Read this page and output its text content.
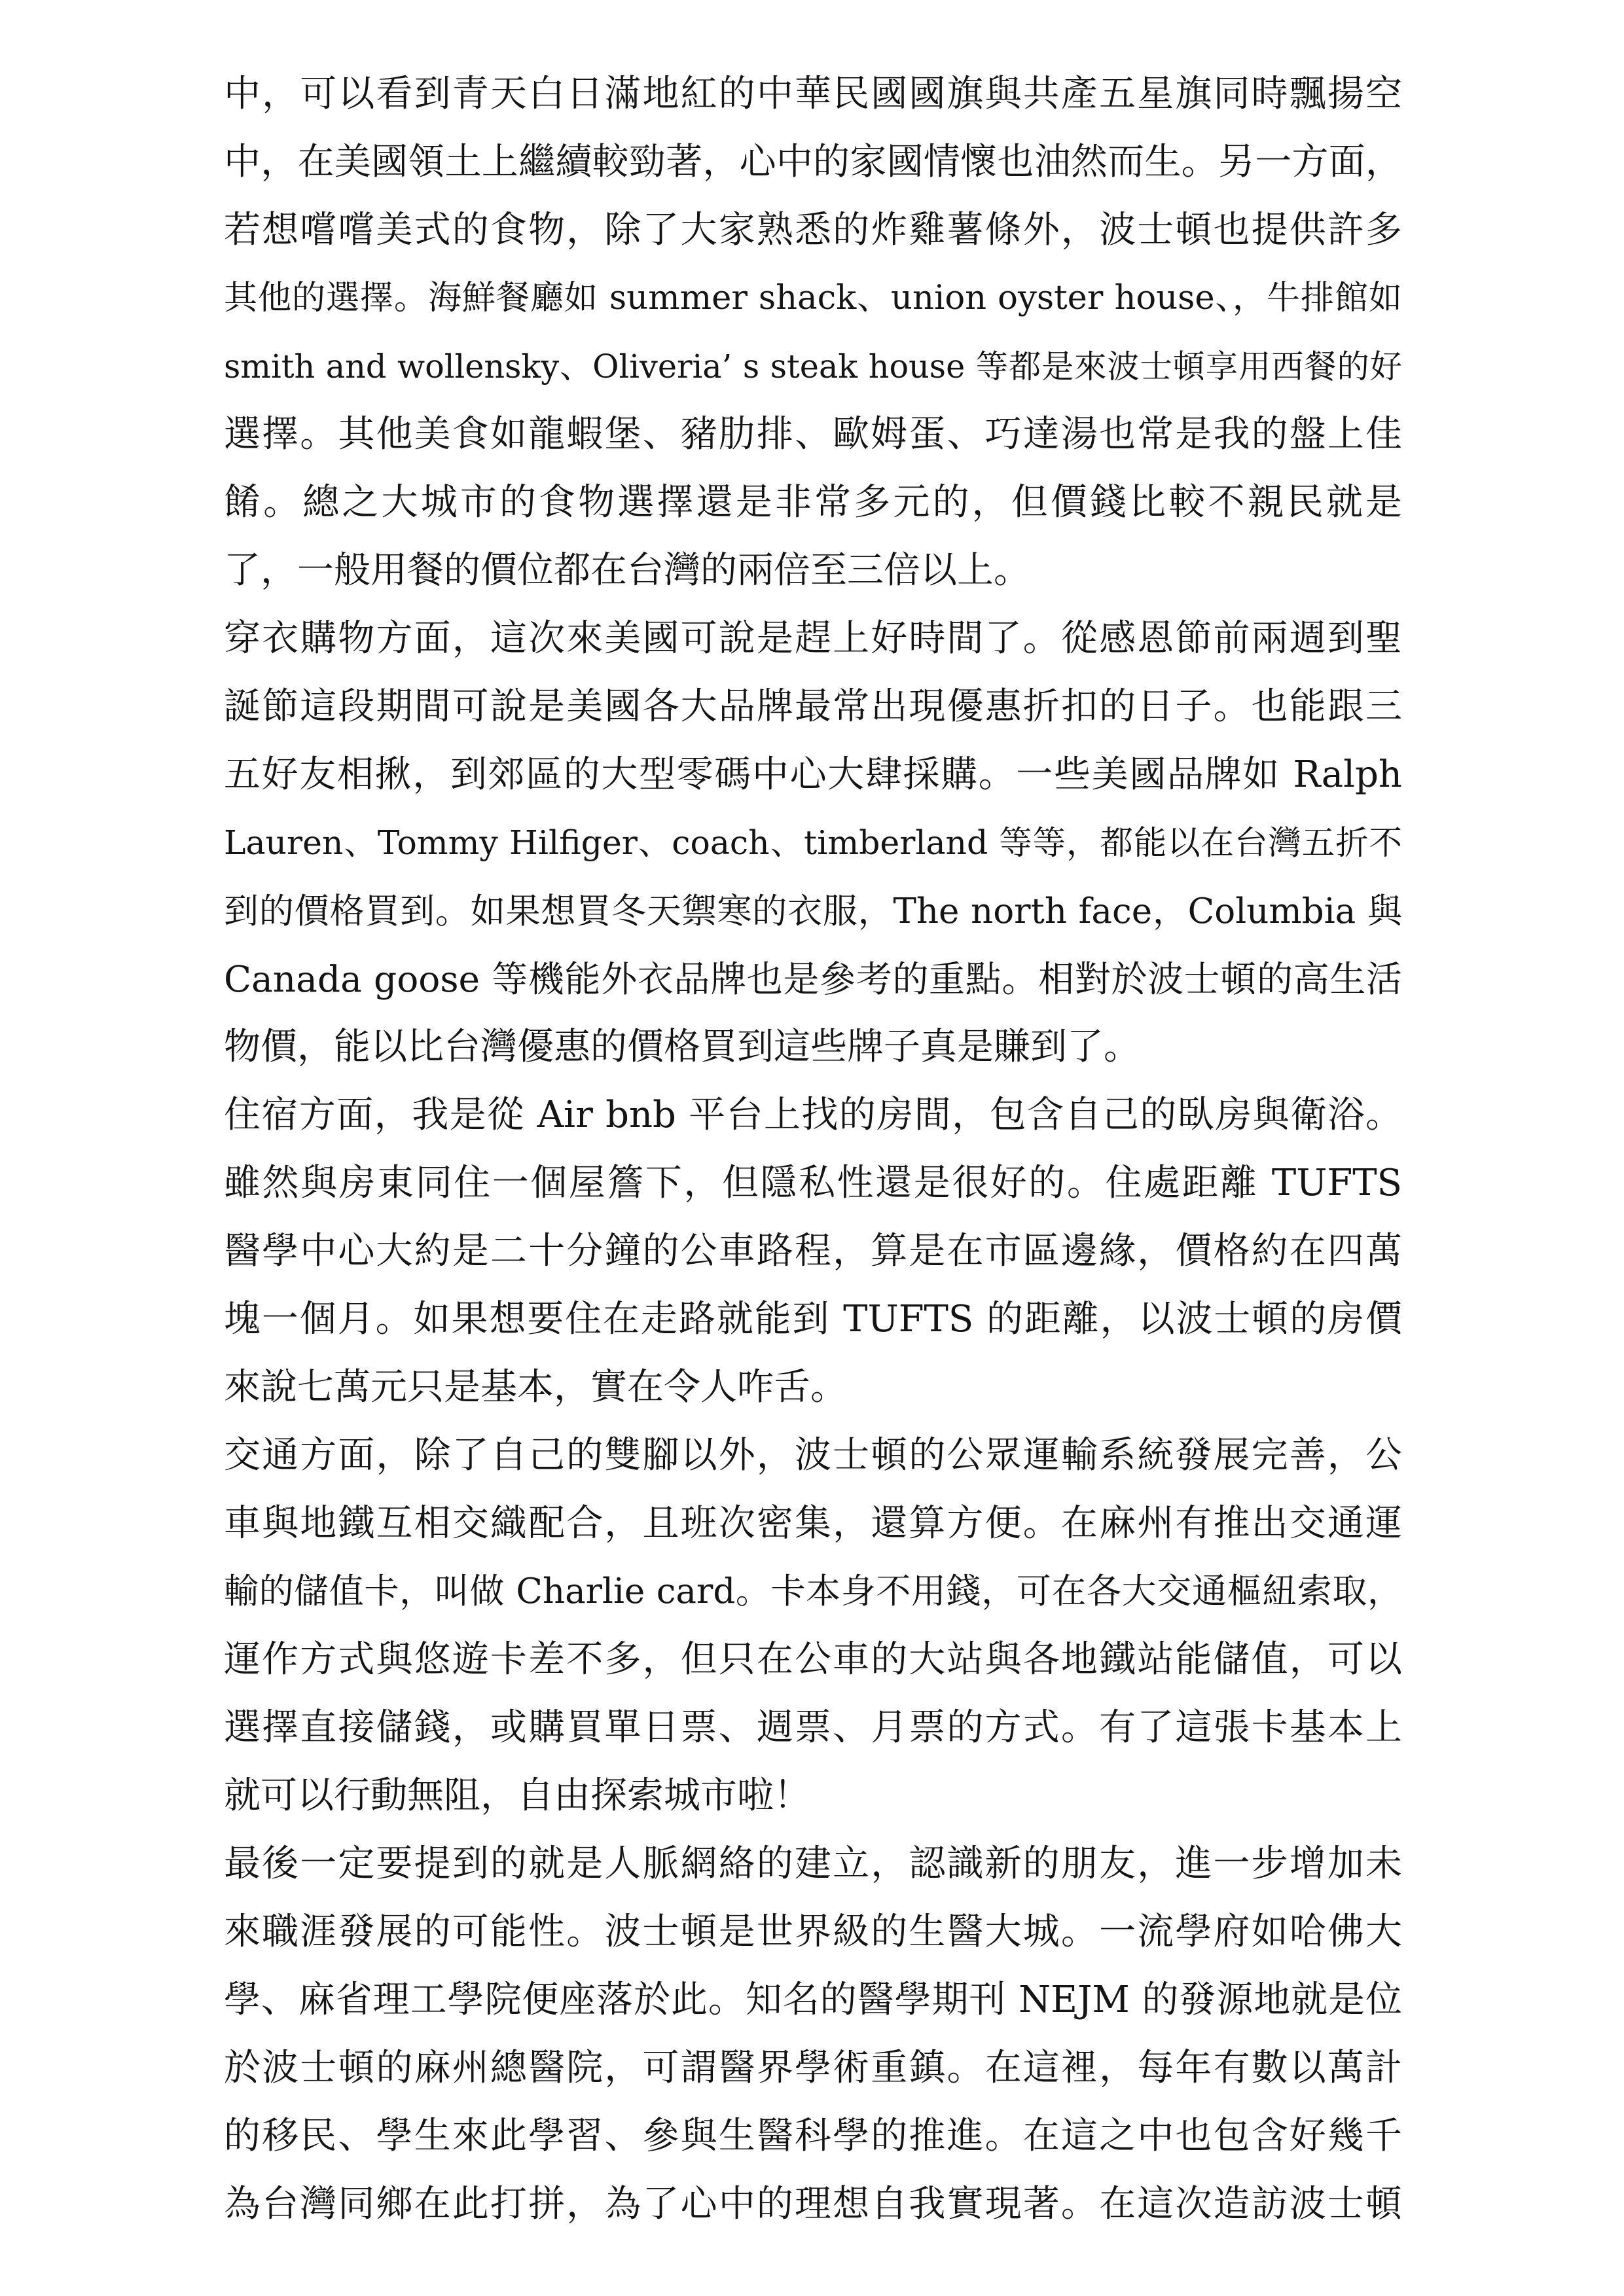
中，可以看到青天白日滿地紅的中華民國國旗與共產五星旗同時飄揚空
中，在美國領土上繼續較勁著，心中的家國情懷也油然而生。另一方面，
若想嚐嚐美式的食物，除了大家熟悉的炸雞薯條外，波士頓也提供許多
其他的選擇。海鮮餐廳如 summer shack、union oyster house、，牛排館如
smith and wollensky、Oliveria’ s steak house 等都是來波士頓享用西餐的好
選擇。其他美食如龍蝦堡、豬肋排、歐姆蛋、巧達湯也常是我的盤上佳
餚。總之大城市的食物選擇還是非常多元的，但價錢比較不親民就是
了，一般用餐的價位都在台灣的兩倍至三倍以上。
穿衣購物方面，這次來美國可說是趕上好時間了。從感恩節前兩週到聖
誕節這段期間可說是美國各大品牌最常出現優惠折扣的日子。也能跟三
五好友相揪，到郊區的大型零碼中心大肆採購。一些美國品牌如 Ralph
Lauren、Tommy Hilfiger、coach、timberland 等等，都能以在台灣五折不
到的價格買到。如果想買冬天禦寒的衣服，The north face，Columbia 與
Canada goose 等機能外衣品牌也是參考的重點。相對於波士頓的高生活
物價，能以比台灣優惠的價格買到這些牌子真是賺到了。
住宿方面，我是從 Air bnb 平台上找的房間，包含自己的臥房與衛浴。
雖然與房東同住一個屋簷下，但隱私性還是很好的。住處距離 TUFTS
醫學中心大約是二十分鐘的公車路程，算是在市區邊緣，價格約在四萬
塊一個月。如果想要住在走路就能到 TUFTS 的距離，以波士頓的房價
來說七萬元只是基本，實在令人咋舌。
交通方面，除了自己的雙腳以外，波士頓的公眾運輸系統發展完善，公
車與地鐵互相交織配合，且班次密集，還算方便。在麻州有推出交通運
輸的儲值卡，叫做 Charlie card。卡本身不用錢，可在各大交通樞紐索取，
運作方式與悠遊卡差不多，但只在公車的大站與各地鐵站能儲值，可以
選擇直接儲錢，或購買單日票、週票、月票的方式。有了這張卡基本上
就可以行動無阻，自由探索城市啦！
最後一定要提到的就是人脈網絡的建立，認識新的朋友，進一步增加未
來職涯發展的可能性。波士頓是世界級的生醫大城。一流學府如哈佛大
學、麻省理工學院便座落於此。知名的醫學期刊 NEJM 的發源地就是位
於波士頓的麻州總醫院，可謂醫界學術重鎮。在這裡，每年有數以萬計
的移民、學生來此學習、參與生醫科學的推進。在這之中也包含好幾千
為台灣同鄉在此打拼，為了心中的理想自我實現著。在這次造訪波士頓
